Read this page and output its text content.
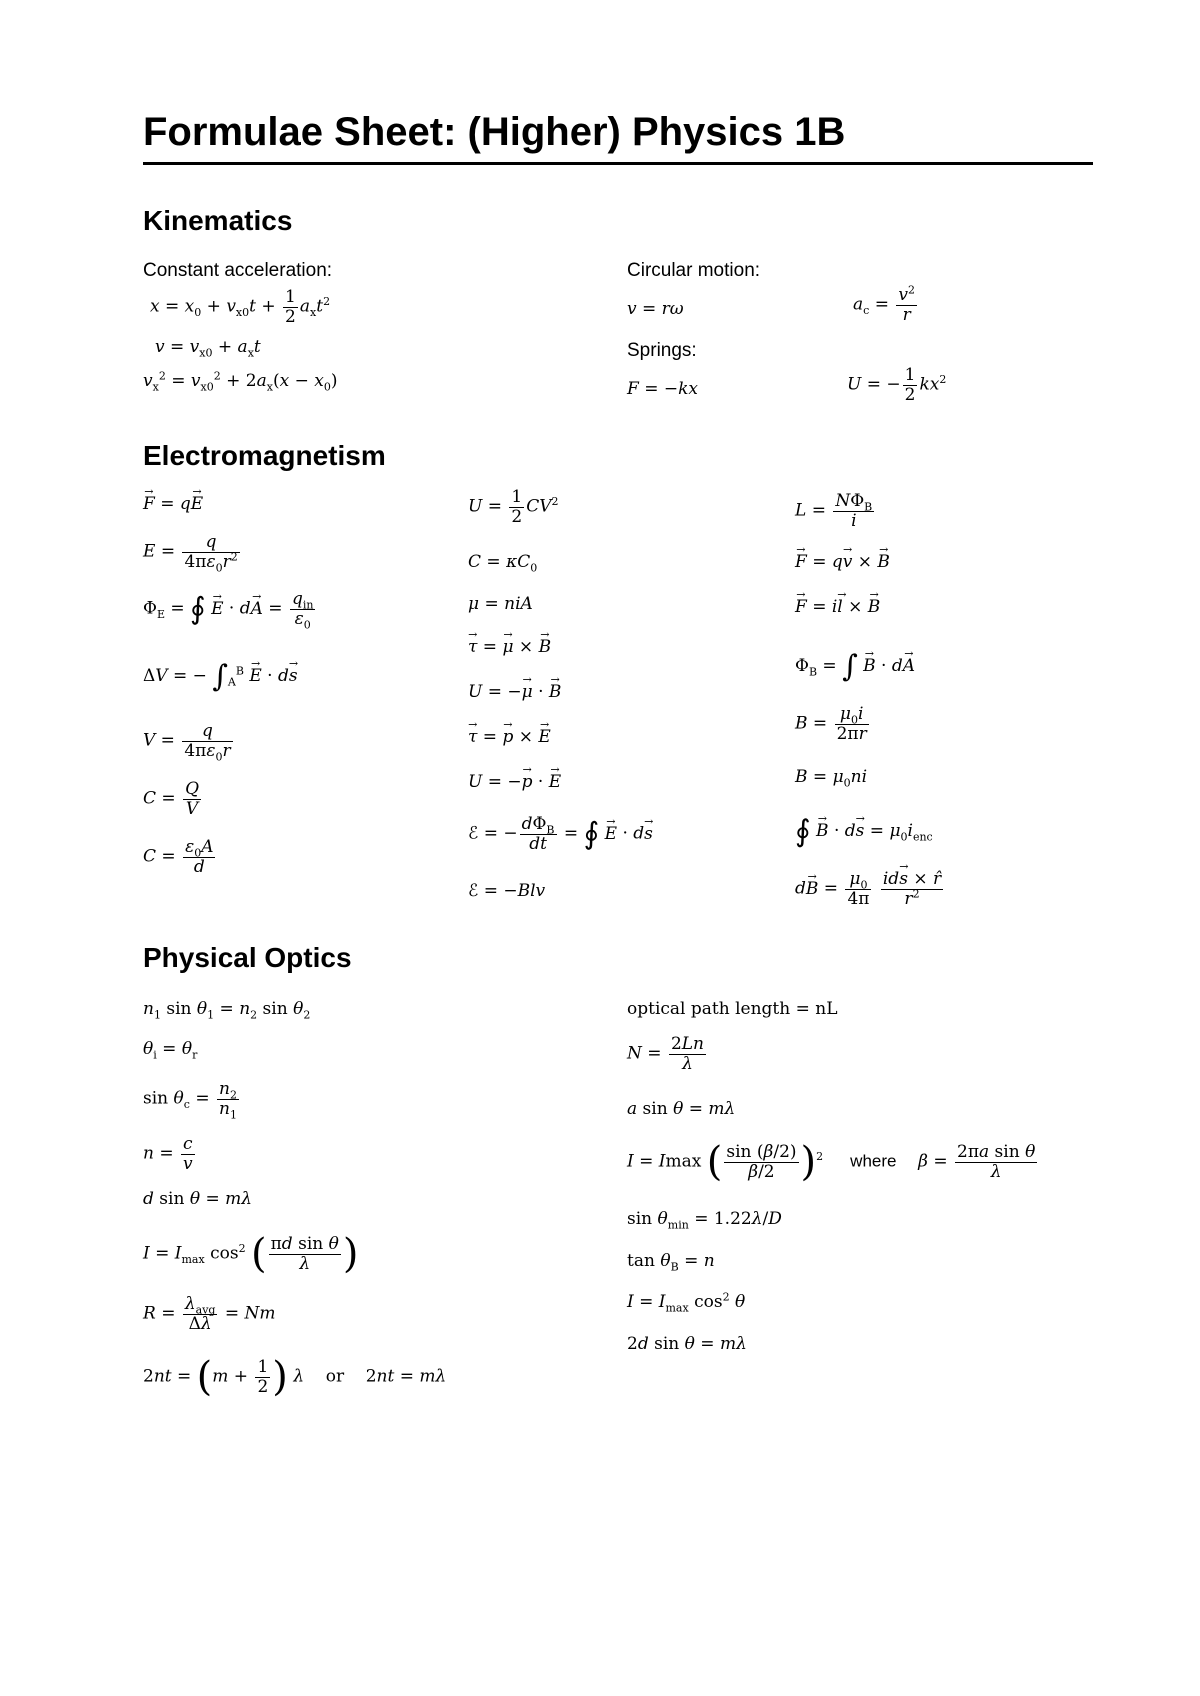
Formulae Sheet: (Higher) Physics 1B
Kinematics
Constant acceleration:	Circular motion:
$x = x_0 + v_{x0}t + \frac{1}{2} a_xt^2$
$v = v_{x0} + a_xt$
$v_x^2 = v_{x0}^2 + 2a_x(x - x_0)$
v = rω	$a_c = \frac{v^2}{r}$
Springs:
F = −kx	U = − $\frac{1}{2} kx^2$
Electromagnetism
→ F = q→ E
$E = \frac{q}{4\pi\varepsilon_0r^2}$
$\Phi_E$ = ∮ → $E \cdot d\to A = \frac{q_{in}}{\varepsilon_0}$
ΔV = − $\int_A^B \to E \cdot d\to s$
$V = \frac{q}{4\pi\varepsilon_0r}$
$C = \frac{Q}{V}$
$C = \frac{\varepsilon_0A}{d}$
$U = \frac{1}{2} CV^2$
$C = \kappa C_0$
μ = niA
→ τ = → μ × → B
U = −→ μ · → B
→ τ = → p × → E
U = −→ p · → E
ℰ = − $\frac{d\Phi_B}{dt}$ = ∮ → E · d→ s
ℰ = −Blv
$L = \frac{N\Phi_B}{i}$
→ F = q→ v × → B
→ F = i→ l × → B
$\Phi_B$ = ∫ → B · d→ A
$B = \frac{\mu_0i}{2\pi r}$
$B = \mu_0ni$
∮ → $B \cdot d\to s = \mu_0i_{enc}$
$d\to B = \frac{\mu_0}{4\pi}$
$\frac{id\to s \times r̂}{r^2}$
Physical Optics
$n_1$ $\sin \theta_1 = n_2$ $\sin \theta_2$
$\theta_i = \theta_r$
$\sin \theta_c = \frac{n_2}{n_1}$
$n = \frac{c}{v}$
d sin θ = mλ
$I = I_{max}$ $\cos^2$ ( $\frac{\text{πd sin θ}}{\lambda}$ )
$R = \frac{\lambda_{avg}}{\Delta\lambda} = Nm$
$2nt = (m + \frac{1}{2}$ ) λ or    2nt = mλ
optical path length = nL
$N = \frac{2Ln}{\lambda}$
a sin θ = mλ
I = Imax ( $\frac{\sin (\beta/2)}{\beta/2} )^2$ where $\beta = \frac{\text{2πa sin θ}}{\lambda}$
$\sin \theta_{min} = 1.22\lambda/D$
$\tan \theta_B = n$
$I = I_{max}$ $\cos^2 \theta$
2d sin θ = mλ
